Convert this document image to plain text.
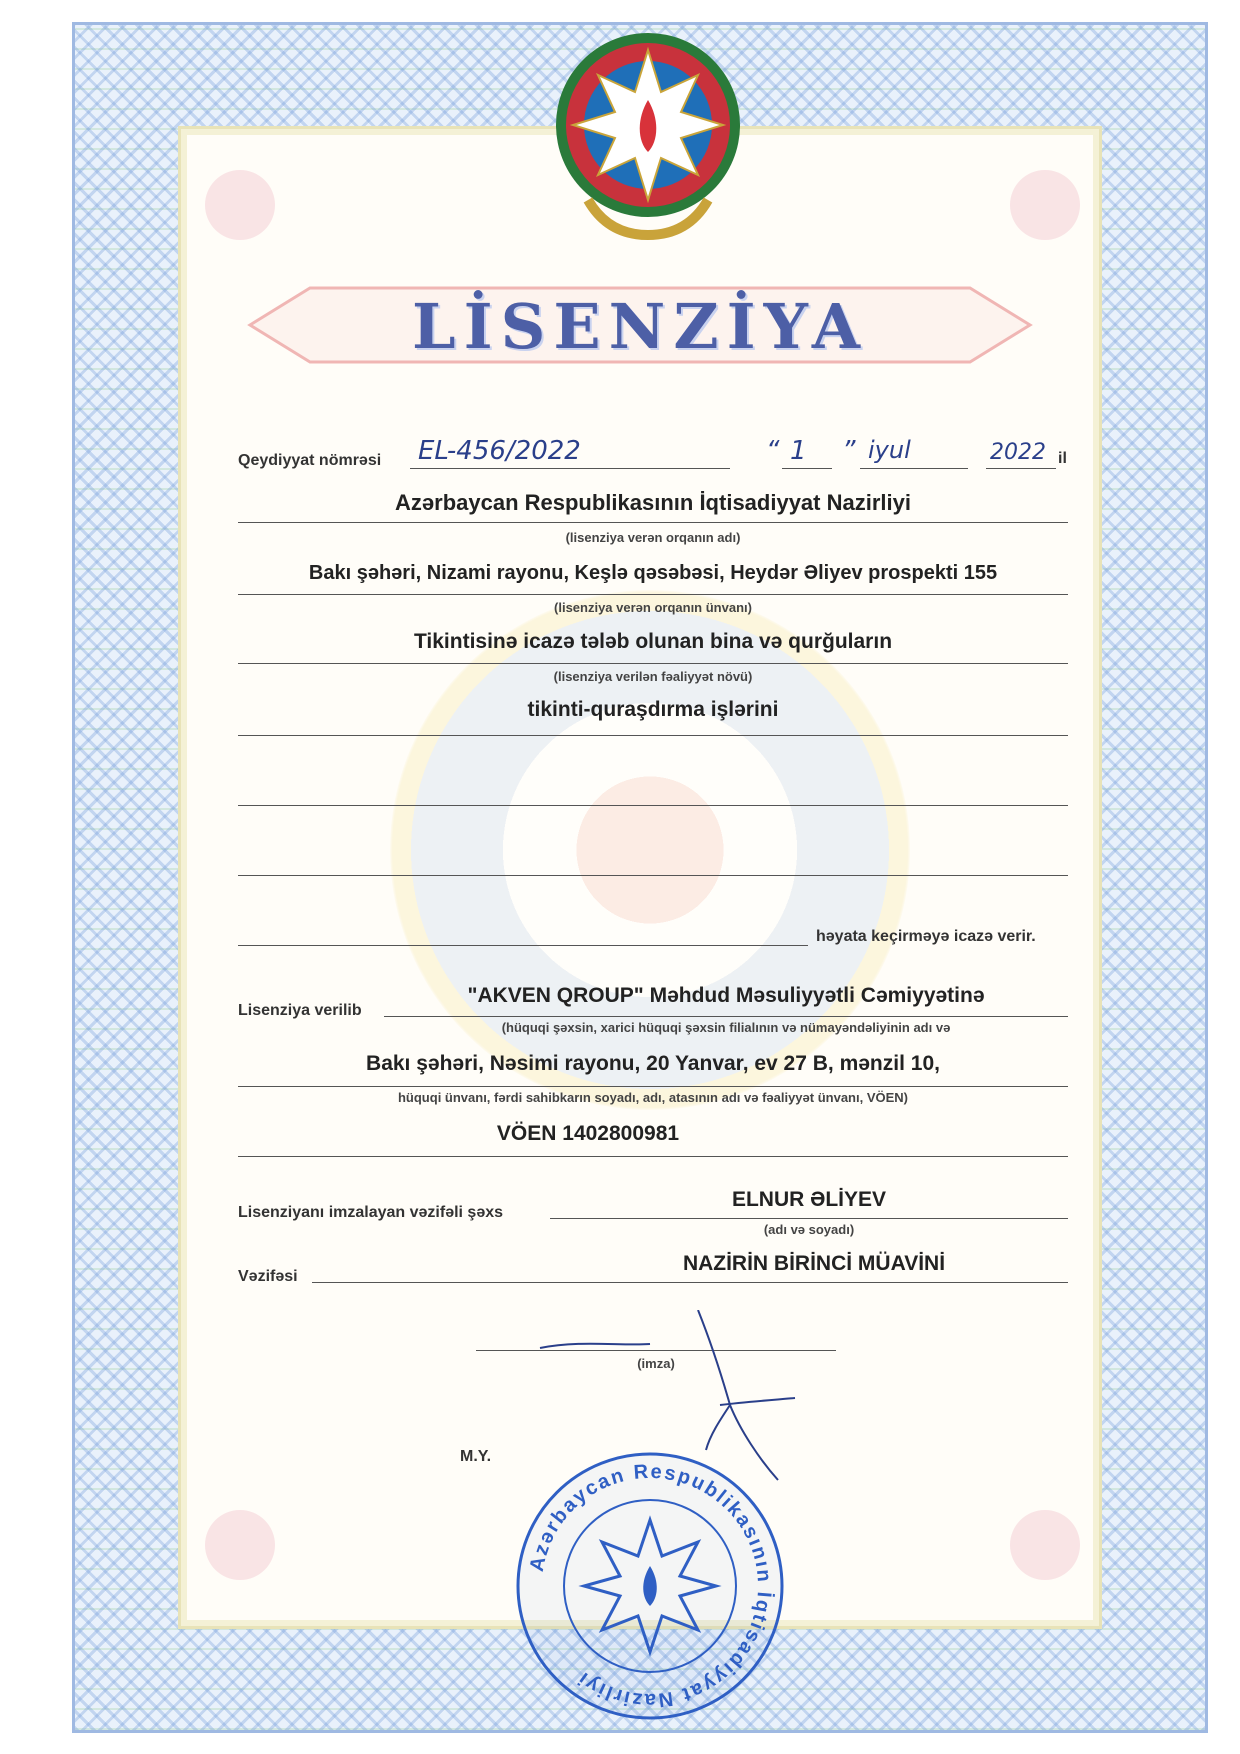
LİSENZİYA
Qeydiyyat nömrəsi EL-456/2022	“ 1 ” iyul	2022 il
Azərbaycan Respublikasının İqtisadiyyat Nazirliyi
(lisenziya verən orqanın adı)
Bakı şəhəri, Nizami rayonu, Keşlə qəsəbəsi, Heydər Əliyev prospekti 155
(lisenziya verən orqanın ünvanı)
Tikintisinə icazə tələb olunan bina və qurğuların
(lisenziya verilən fəaliyyət növü)
tikinti-quraşdırma işlərini
həyata keçirməyə icazə verir.
Lisenziya verilib
"AKVEN QROUP" Məhdud Məsuliyyətli Cəmiyyətinə
(hüquqi şəxsin, xarici hüquqi şəxsin filialının və nümayəndəliyinin adı və
Bakı şəhəri, Nəsimi rayonu, 20 Yanvar, ev 27 B, mənzil 10,
hüquqi ünvanı, fərdi sahibkarın soyadı, adı, atasının adı və fəaliyyət ünvanı, VÖEN)
VÖEN 1402800981
Lisenziyanı imzalayan vəzifəli şəxs
ELNUR ƏLİYEV
(adı və soyadı)
Vəzifəsi
NAZİRİN BİRİNCİ MÜAVİNİ
(imza)
M.Y.
Azərbaycan Respublikasının İqtisadiyyat Nazirliyi
